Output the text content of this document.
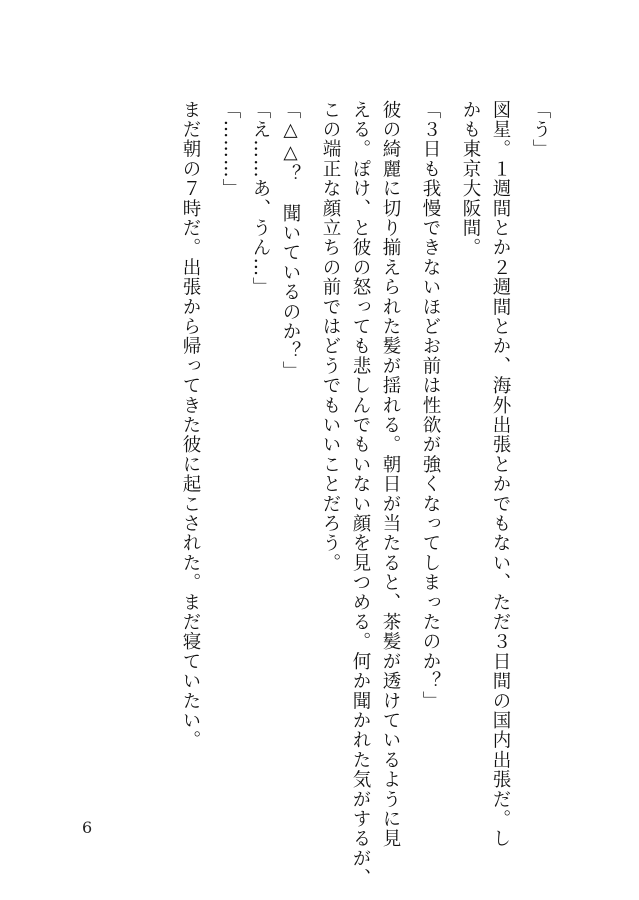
「う」
図星。１週間とか２週間とか、海外出張とかでもない、ただ３日間の国内出張だ。し
かも東京大阪間。
「３日も我慢できないほどお前は性欲が強くなってしまったのか？」
彼の綺麗に切り揃えられた髪が揺れる。朝日が当たると、茶髪が透けているように見
える。ぽけ、と彼の怒っても悲しんでもいない顔を見つめる。何か聞かれた気がするが、
この端正な顔立ちの前ではどうでもいいことだろう。
「△△？　聞いているのか？」
「え……あ、うん…」
「………」
まだ朝の７時だ。出張から帰ってきた彼に起こされた。まだ寝ていたい。
6
